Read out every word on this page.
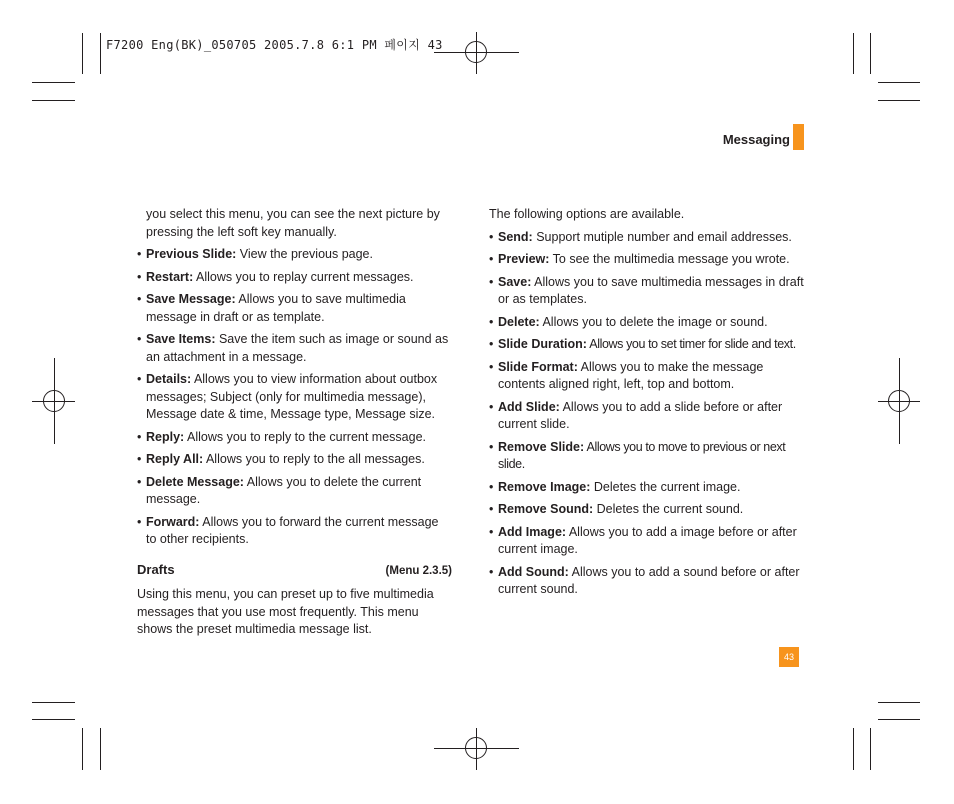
F7200 Eng(BK)_050705 2005.7.8 6:1 PM 페이지 43
Messaging

you select this menu, you can see the next picture by pressing the left soft key manually.

• Previous Slide: View the previous page.
• Restart: Allows you to replay current messages.
• Save Message: Allows you to save multimedia message in draft or as template.
• Save Items: Save the item such as image or sound as an attachment in a message.
• Details: Allows you to view information about outbox messages; Subject (only for multimedia message), Message date & time, Message type, Message size.
• Reply: Allows you to reply to the current message.
• Reply All: Allows you to reply to the all messages.
• Delete Message: Allows you to delete the current message.
• Forward: Allows you to forward the current message to other recipients.
Drafts	(Menu 2.3.5)

Using this menu, you can preset up to five multimedia messages that you use most frequently. This menu shows the preset multimedia message list.

The following options are available.

• Send: Support mutiple number and email addresses.
• Preview: To see the multimedia message you wrote.
• Save: Allows you to save multimedia messages in draft or as templates.
• Delete: Allows you to delete the image or sound.
• Slide Duration: Allows you to set timer for slide and text.
• Slide Format: Allows you to make the message contents aligned right, left, top and bottom.
• Add Slide: Allows you to add a slide before or after current slide.
• Remove Slide: Allows you to move to previous or next slide.
• Remove Image: Deletes the current image.
• Remove Sound: Deletes the current sound.
• Add Image: Allows you to add a image before or after current image.
• Add Sound: Allows you to add a sound before or after current sound.
43
